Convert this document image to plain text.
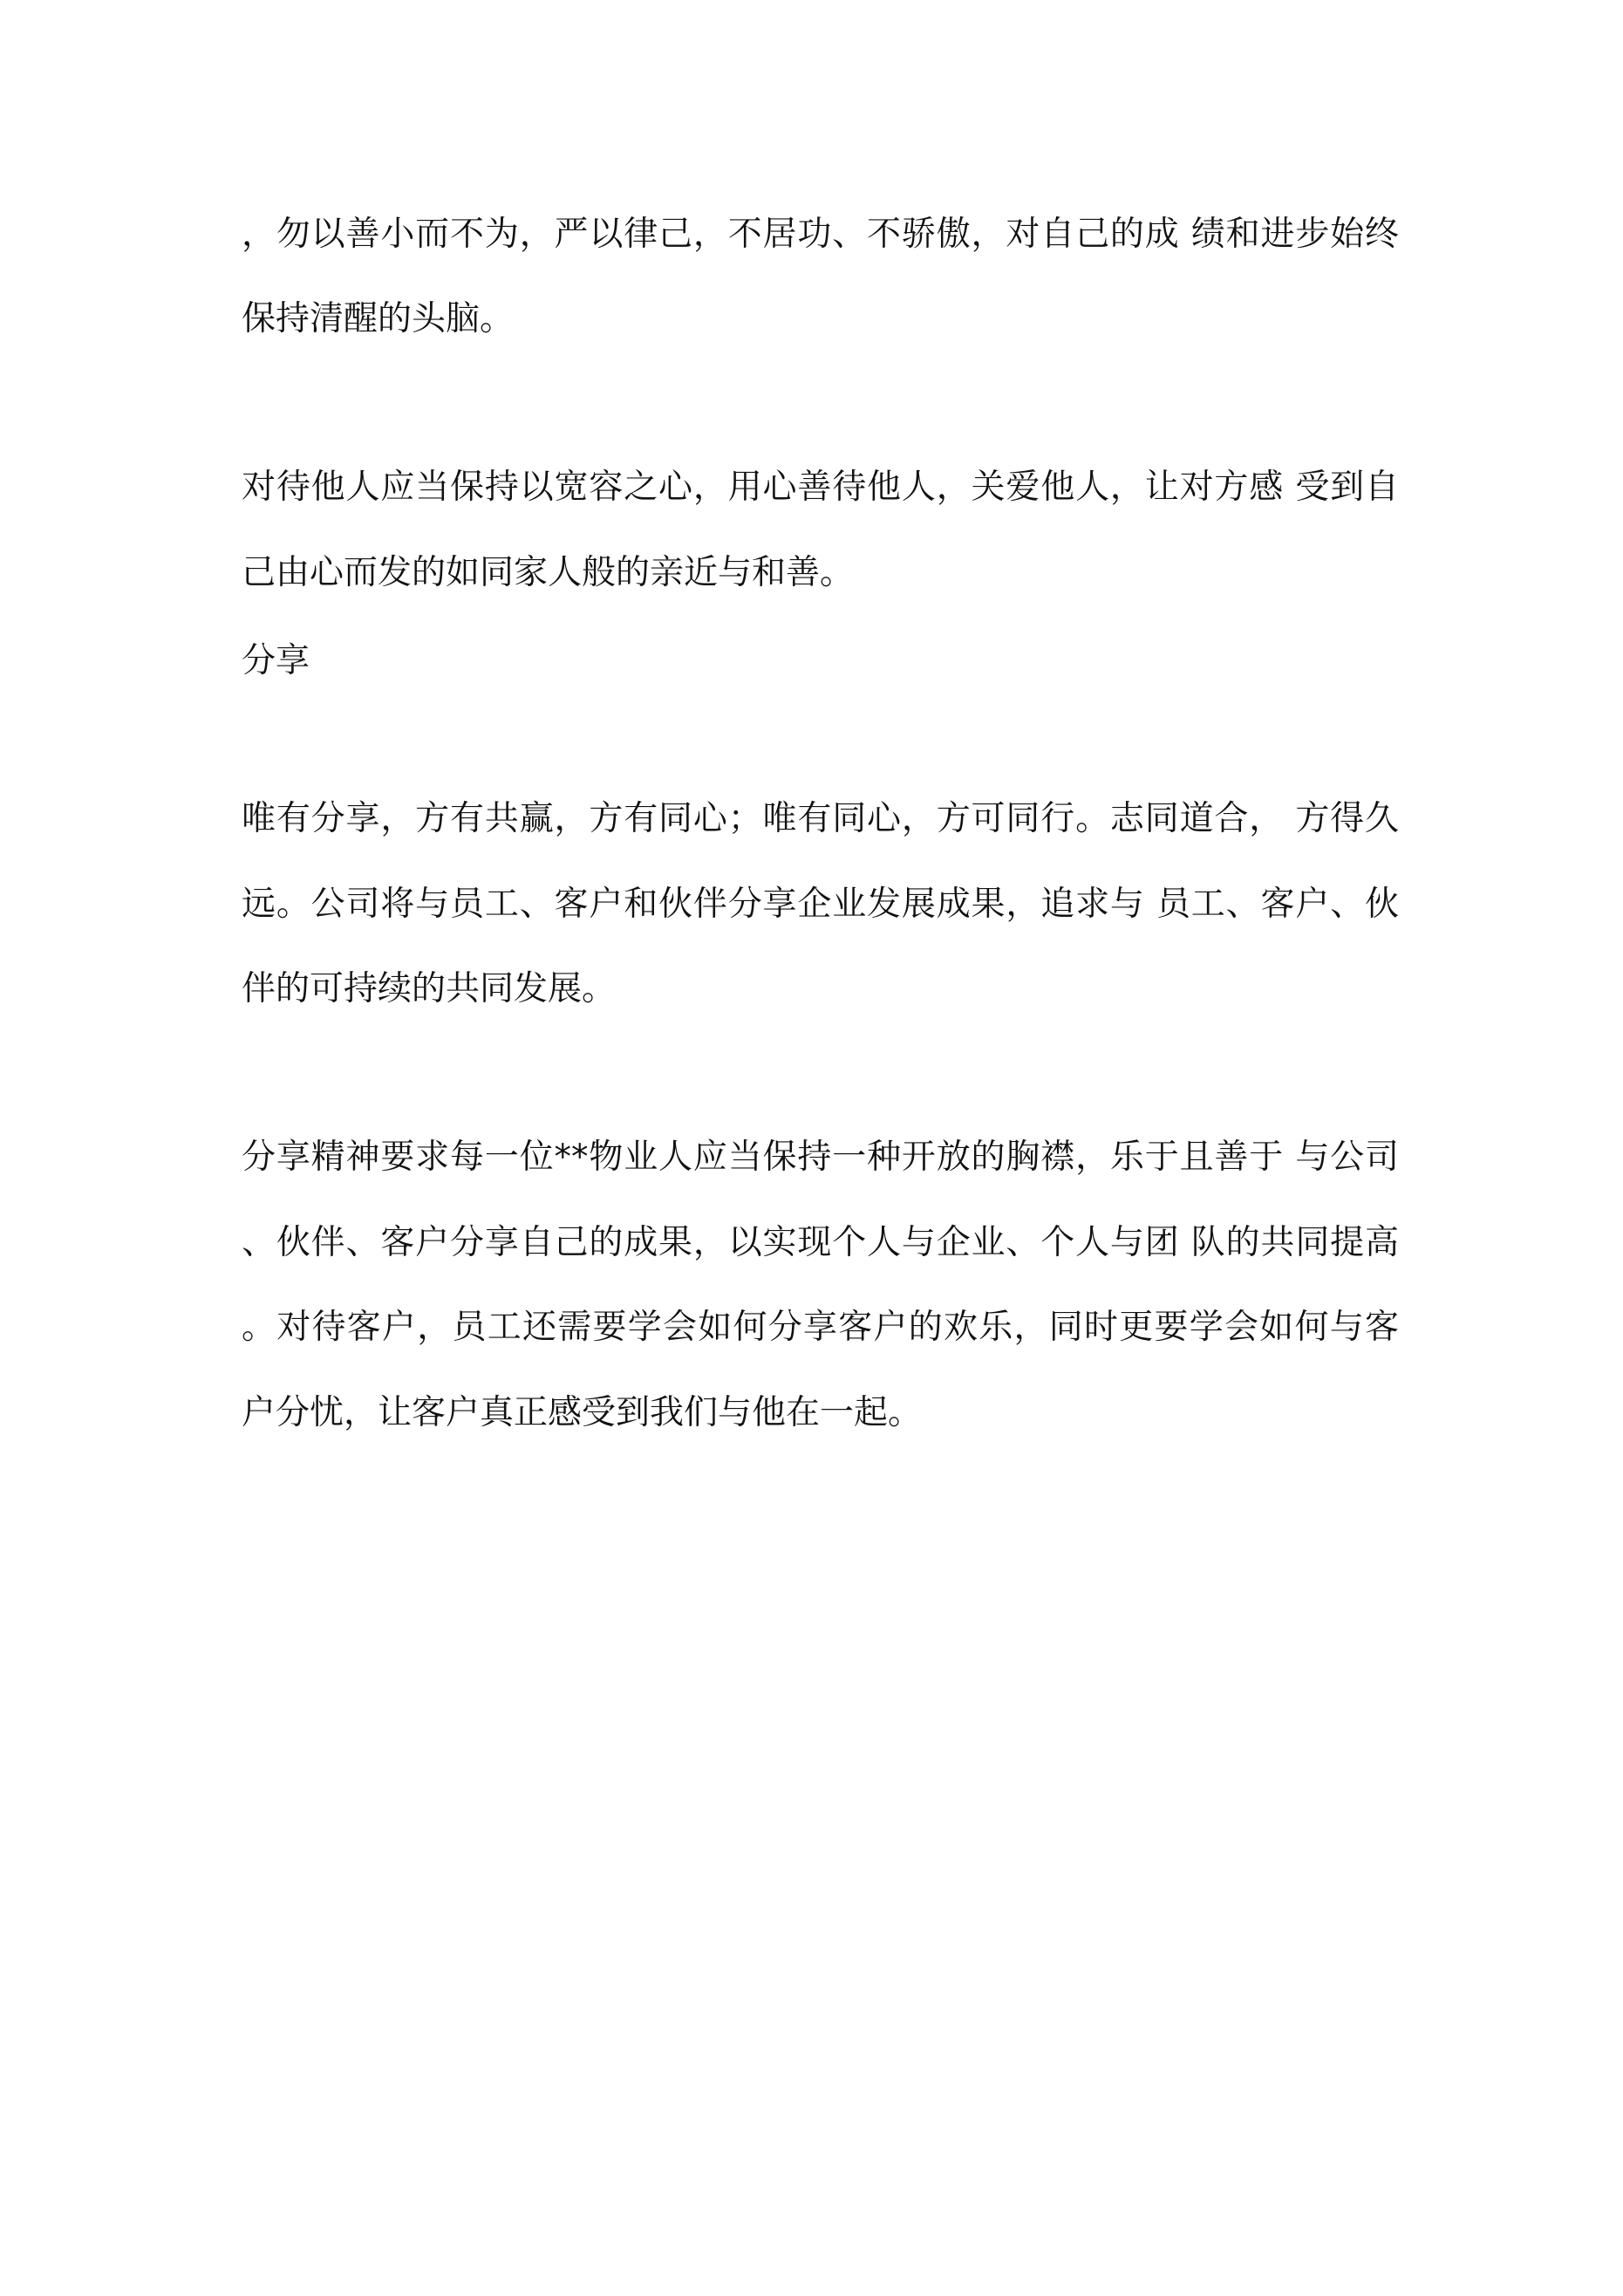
，勿以善小而不为，严以律己，不居功、不骄傲，对自己的成 绩和进步始终
保持清醒的头脑。
对待他人应当保持以宽容之心，用心善待他人，关爱他人，让对方感 受到自
己由心而发的如同家人般的亲近与和善。
分享
唯有分享，方有共赢，方有同心；唯有同心，方可同行。志同道合， 方得久
远。公司将与员工、客户和伙伴分享企业发展成果，追求与 员工、客户、伙
伴的可持续的共同发展。
分享精神要求每一位**物业人应当保持一种开放的胸襟，乐于且善于 与公司
、伙伴、客户分享自己的成果，以实现个人与企业、个人与团 队的共同提高
。对待客户，员工还需要学会如何分享客户的欢乐，同时更要学会如何与客
户分忧，让客户真正感受到我们与他在一起。
